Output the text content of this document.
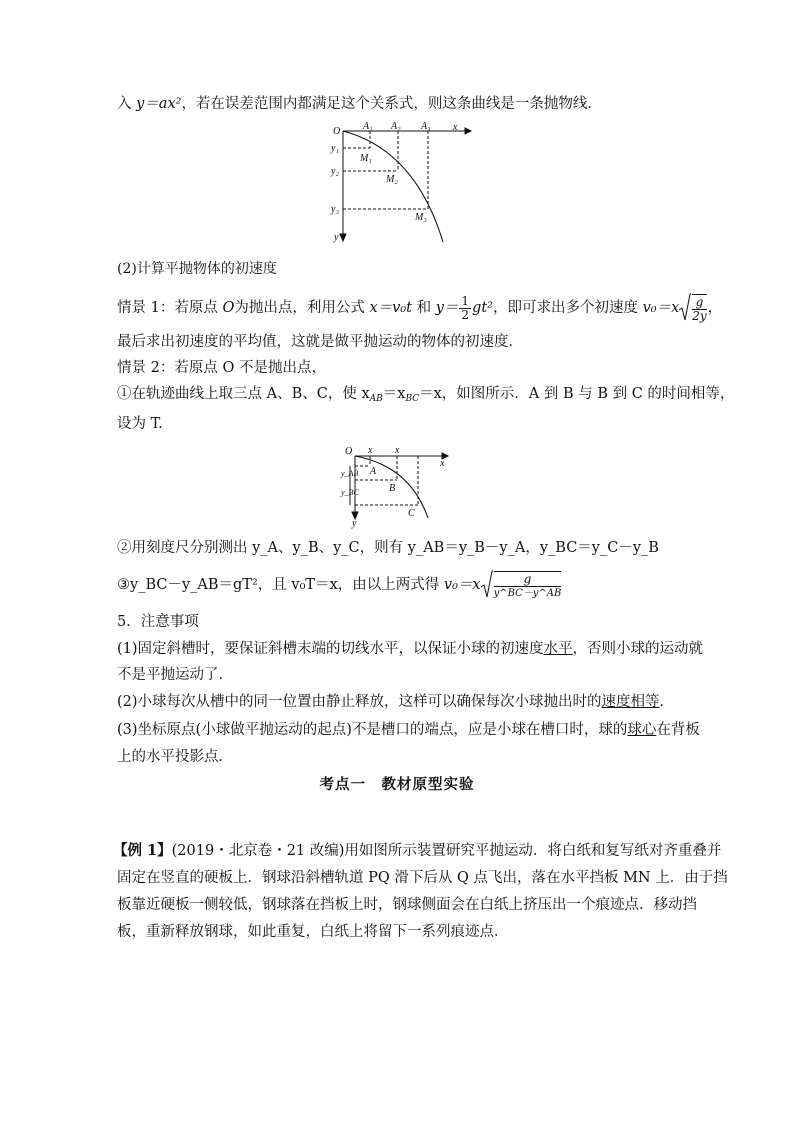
入 y＝ax²，若在误差范围内都满足这个关系式，则这条曲线是一条抛物线．
O	x
y
A₁ A₂ A₃
y₁
y₂
y₃
M₁
M₂
M₃
(2)计算平抛物体的初速度
情景 1：若原点 O为抛出点，利用公式 x＝v₀t 和 $y= \frac{1}{2} gt^2$，即可求出多个初速度 $v_0=x \frac{g}{2y}$ ，
最后求出初速度的平均值，这就是做平抛运动的物体的初速度．
情景 2：若原点 O 不是抛出点，
①在轨迹曲线上取三点 A、B、C，使 $x_{AB}=x_{BC}=x$，如图所示．A 到 B 与 B 到 C 的时间相等，
设为 T.
O x x
x
y
A
B
C
y_AB
y_BC
②用刻度尺分别测出 y_A、y_B、y_C，则有 y_AB＝y_B－y_A，y_BC＝y_C－y_B
③y_BC－y_AB＝gT²，且 v₀T＝x，由以上两式得 $v_0=x \frac{g}{y\^{}BC-y\^{}AB}$
5．注意事项
(1)固定斜槽时，要保证斜槽末端的切线水平，以保证小球的初速度水平，否则小球的运动就
不是平抛运动了．
(2)小球每次从槽中的同一位置由静止释放，这样可以确保每次小球抛出时的速度相等．
(3)坐标原点(小球做平抛运动的起点)不是槽口的端点，应是小球在槽口时，球的球心在背板
上的水平投影点．
考点一　教材原型实验
【例 1】(2019・北京卷・21 改编)用如图所示装置研究平抛运动．将白纸和复写纸对齐重叠并
固定在竖直的硬板上．钢球沿斜槽轨道 PQ 滑下后从 Q 点飞出，落在水平挡板 MN 上．由于挡
板靠近硬板一侧较低，钢球落在挡板上时，钢球侧面会在白纸上挤压出一个痕迹点．移动挡
板，重新释放钢球，如此重复，白纸上将留下一系列痕迹点．
